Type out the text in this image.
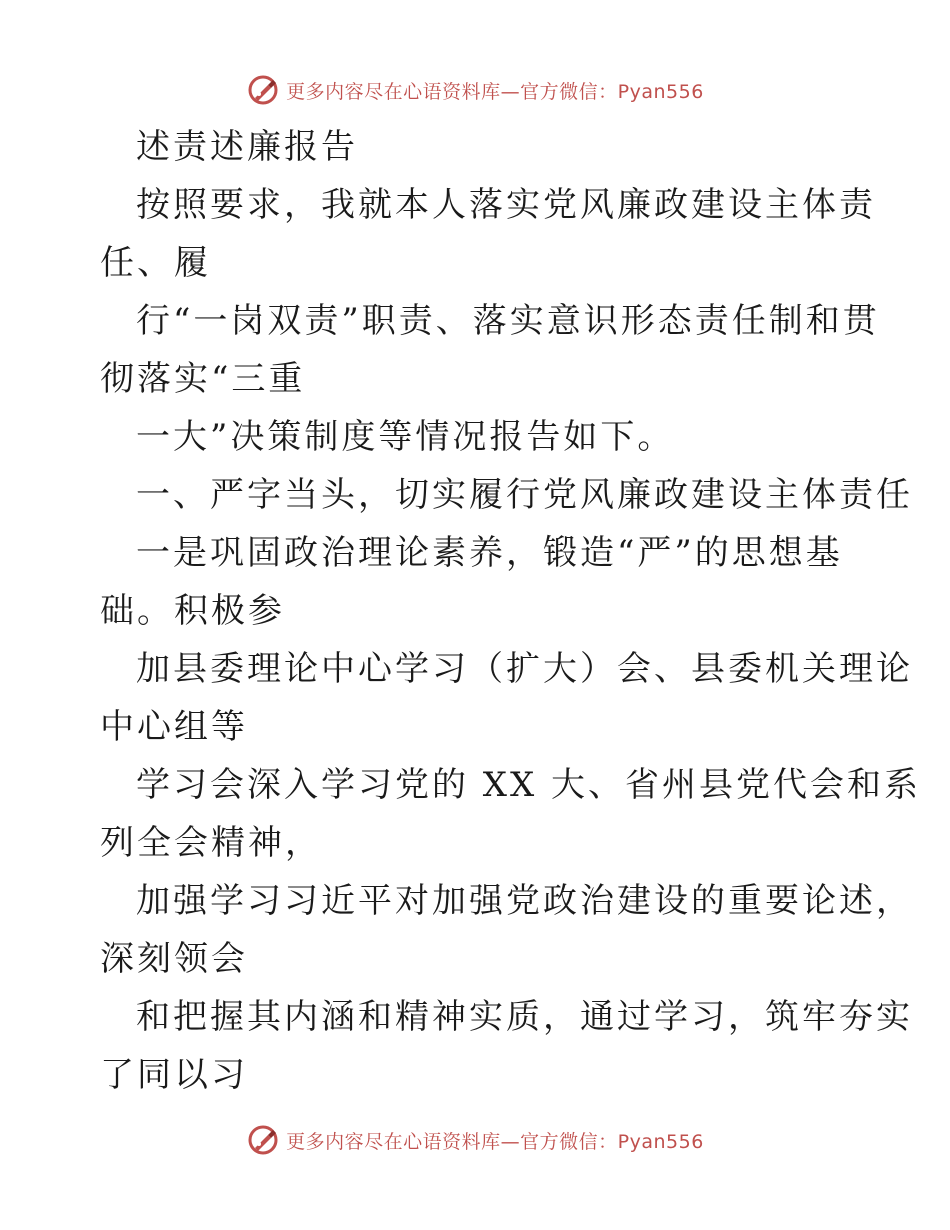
更多内容尽在心语资料库—官方微信：Pyan556

述责述廉报告

按照要求，我就本人落实党风廉政建设主体责

任、履

行“一岗双责”职责、落实意识形态责任制和贯

彻落实“三重

一大”决策制度等情况报告如下。

一、严字当头，切实履行党风廉政建设主体责任

一是巩固政治理论素养，锻造“严”的思想基

础。积极参

加县委理论中心学习（扩大）会、县委机关理论

中心组等

学习会深入学习党的 XX 大、省州县党代会和系

列全会精神，

加强学习习近平对加强党政治建设的重要论述，

深刻领会

和把握其内涵和精神实质，通过学习，筑牢夯实

了同以习

更多内容尽在心语资料库—官方微信：Pyan556
